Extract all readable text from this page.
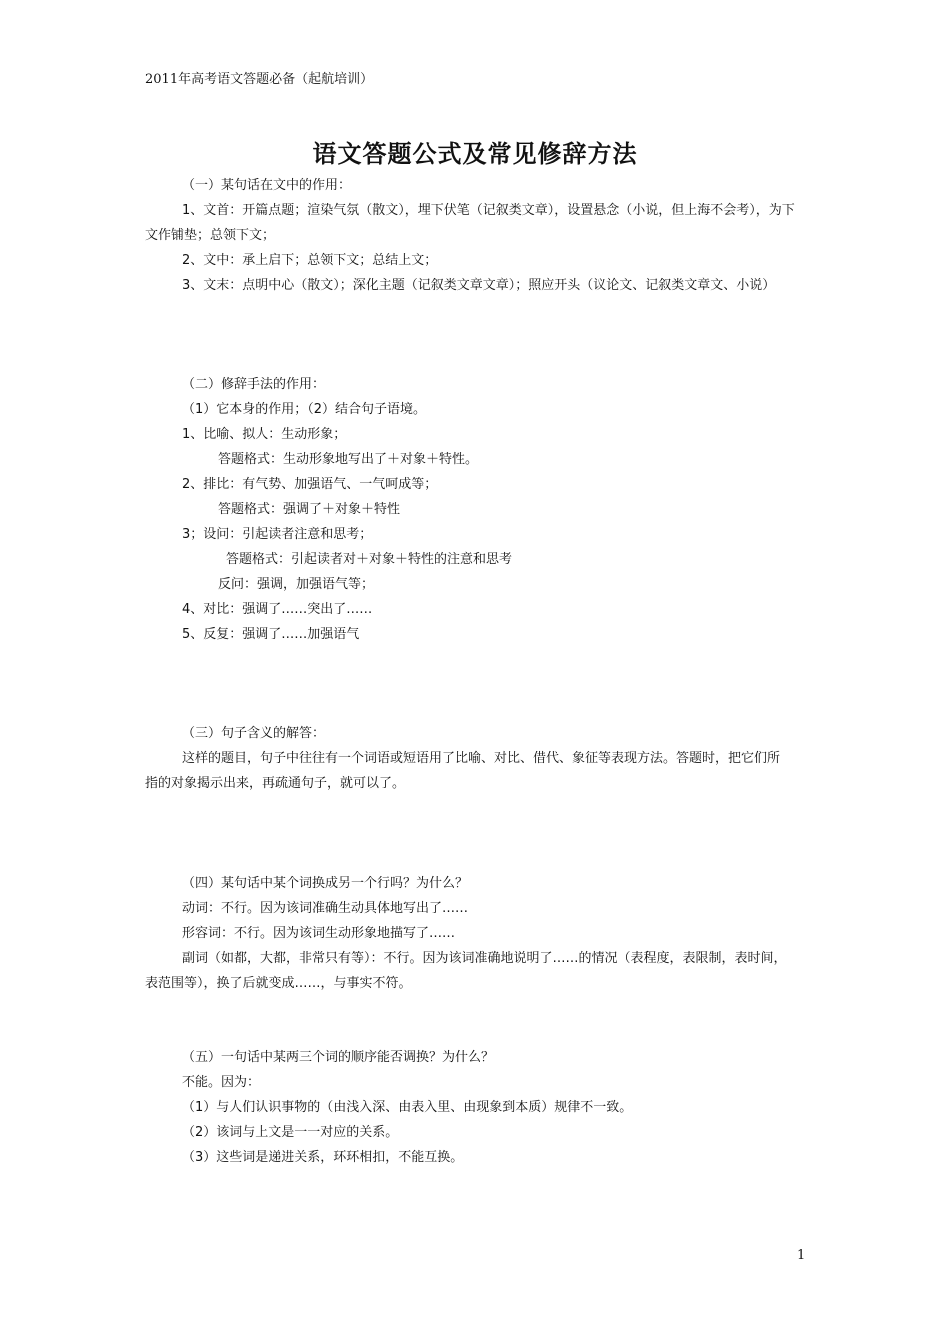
2011年高考语文答题必备（起航培训）
语文答题公式及常见修辞方法
（一）某句话在文中的作用：
1、文首：开篇点题；渲染气氛（散文），埋下伏笔（记叙类文章），设置悬念（小说，但上海不会考），为下
文作铺垫；总领下文；
2、文中：承上启下；总领下文；总结上文；
3、文末：点明中心（散文）；深化主题（记叙类文章文章）；照应开头（议论文、记叙类文章文、小说）
（二）修辞手法的作用：
（1）它本身的作用；（2）结合句子语境。
1、比喻、拟人：生动形象；
答题格式：生动形象地写出了＋对象＋特性。
2、排比：有气势、加强语气、一气呵成等；
答题格式：强调了＋对象＋特性
3；设问：引起读者注意和思考；
答题格式：引起读者对＋对象＋特性的注意和思考
反问：强调，加强语气等；
4、对比：强调了……突出了……
5、反复：强调了……加强语气
（三）句子含义的解答：
这样的题目，句子中往往有一个词语或短语用了比喻、对比、借代、象征等表现方法。答题时，把它们所
指的对象揭示出来，再疏通句子，就可以了。
（四）某句话中某个词换成另一个行吗？为什么？
动词：不行。因为该词准确生动具体地写出了……
形容词：不行。因为该词生动形象地描写了……
副词（如都，大都，非常只有等）：不行。因为该词准确地说明了……的情况（表程度，表限制，表时间，
表范围等），换了后就变成……，与事实不符。
（五）一句话中某两三个词的顺序能否调换？为什么？
不能。因为：
（1）与人们认识事物的（由浅入深、由表入里、由现象到本质）规律不一致。
（2）该词与上文是一一对应的关系。
（3）这些词是递进关系，环环相扣，不能互换。
1
